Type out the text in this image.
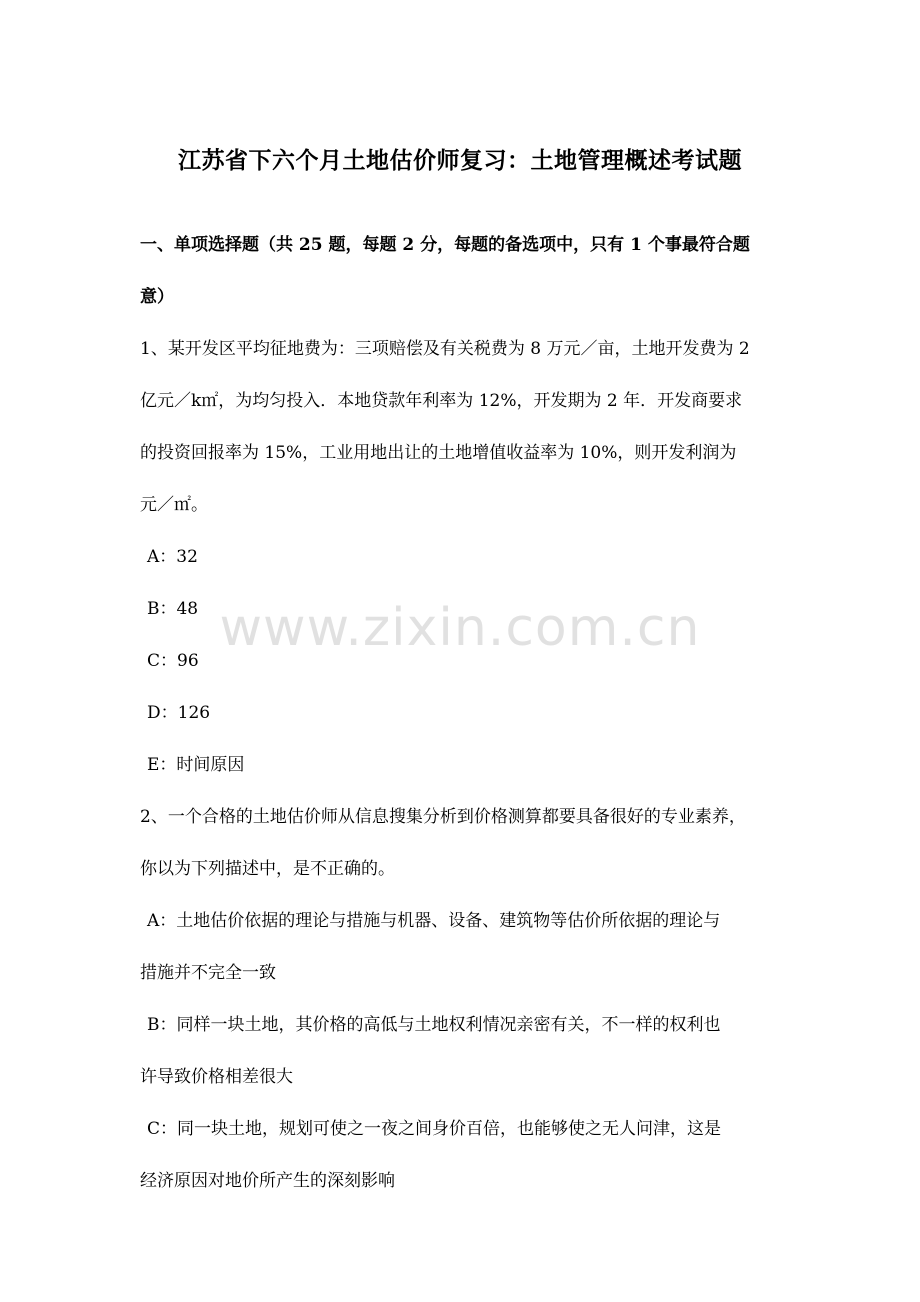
www.zixin.com.cn
江苏省下六个月土地估价师复习：土地管理概述考试题
一、单项选择题（共 25 题，每题 2 分，每题的备选项中，只有 1 个事最符合题
意）
1、某开发区平均征地费为：三项赔偿及有关税费为 8 万元／亩，土地开发费为 2
亿元／k㎡，为均匀投入．本地贷款年利率为 12%，开发期为 2 年．开发商要求
的投资回报率为 15%，工业用地出让的土地增值收益率为 10%，则开发利润为
元／㎡。
A：32
B：48
C：96
D：126
E：时间原因
2、一个合格的土地估价师从信息搜集分析到价格测算都要具备很好的专业素养，
你以为下列描述中，是不正确的。
A：土地估价依据的理论与措施与机器、设备、建筑物等估价所依据的理论与
措施并不完全一致
B：同样一块土地，其价格的高低与土地权利情况亲密有关，不一样的权利也
许导致价格相差很大
C：同一块土地，规划可使之一夜之间身价百倍，也能够使之无人问津，这是
经济原因对地价所产生的深刻影响
